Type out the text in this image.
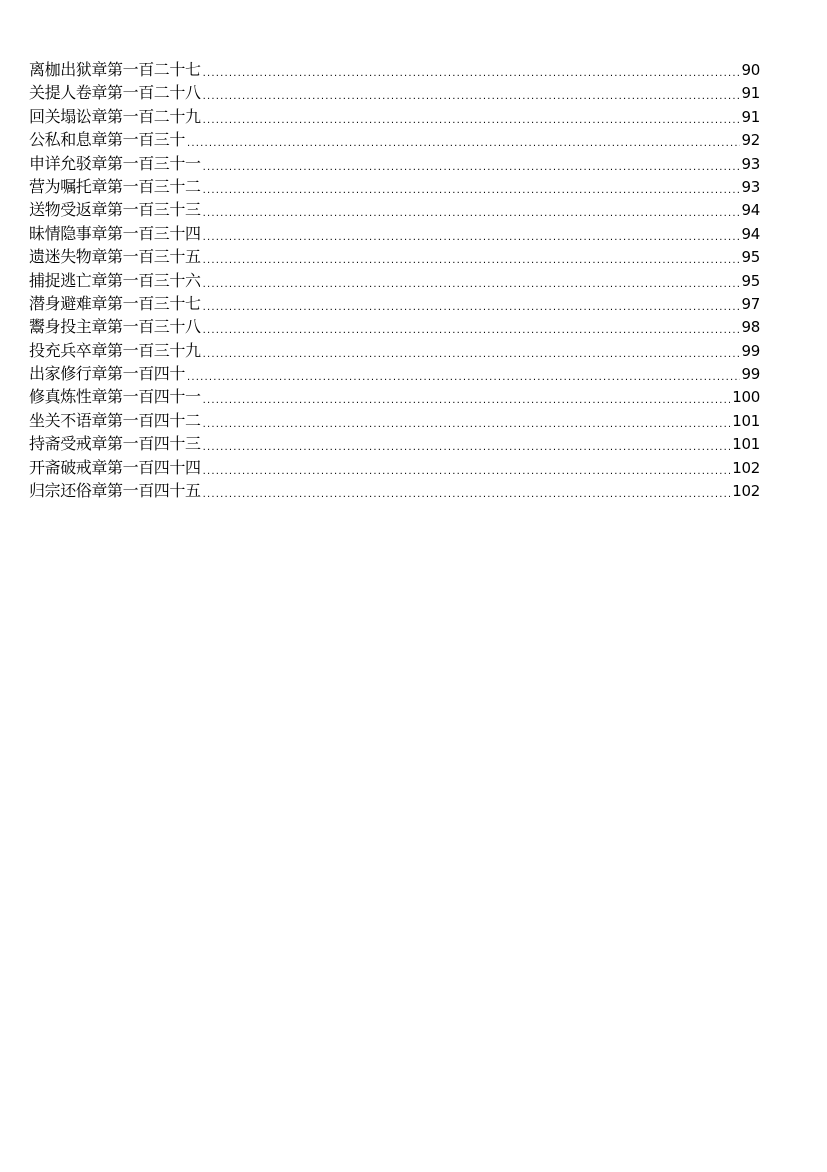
离枷出狱章第一百二十七 .....	90
关提人卷章第一百二十八 .....	91
回关塌讼章第一百二十九 .....	91
公私和息章第一百三十 .....	92
申详允驳章第一百三十一 .....	93
营为嘱托章第一百三十二 .....	93
送物受返章第一百三十三 .....	94
昧情隐事章第一百三十四 .....	94
遗迷失物章第一百三十五 .....	95
捕捉逃亡章第一百三十六 .....	95
潜身避难章第一百三十七 .....	97
鬻身投主章第一百三十八 .....	98
投充兵卒章第一百三十九 .....	99
出家修行章第一百四十 .....	99
修真炼性章第一百四十一 .....	100
坐关不语章第一百四十二 .....	101
持斋受戒章第一百四十三 .....	101
开斋破戒章第一百四十四 .....	102
归宗还俗章第一百四十五 .....	102
